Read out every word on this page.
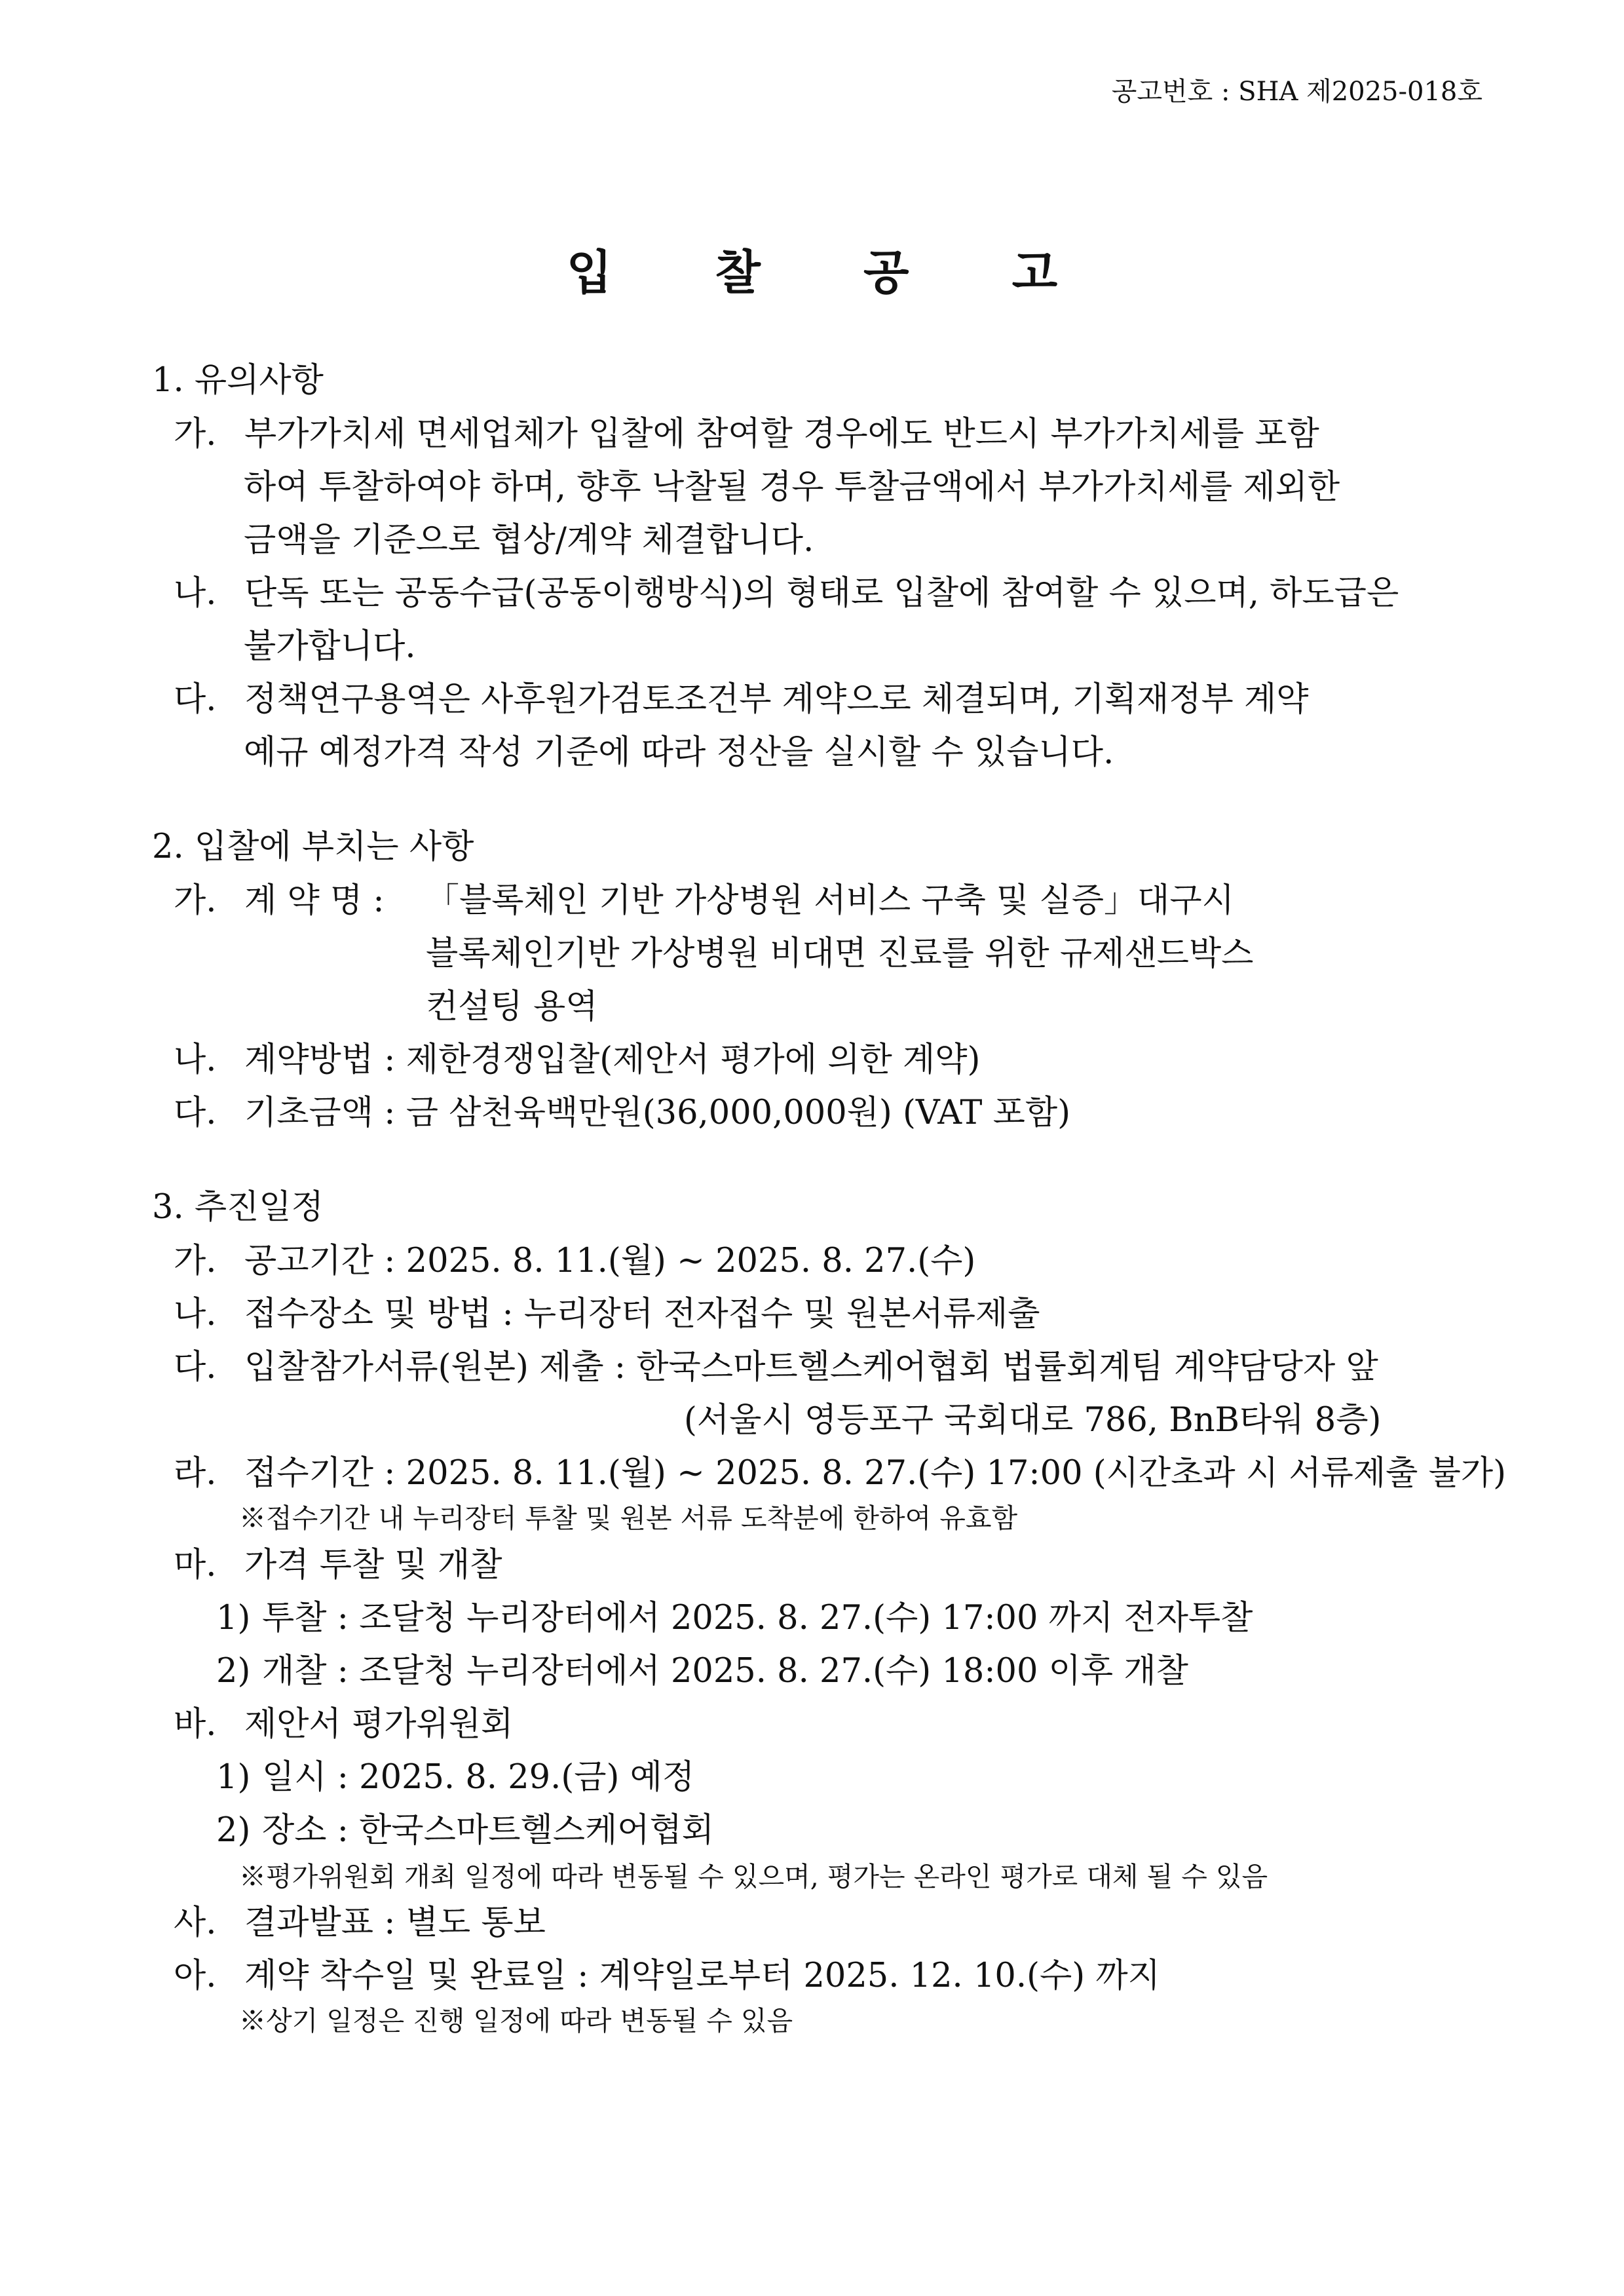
공고번호 : SHA 제2025-018호
입 찰 공 고
1. 유의사항
가. 부가가치세 면세업체가 입찰에 참여할 경우에도 반드시 부가가치세를 포함
하여 투찰하여야 하며, 향후 낙찰될 경우 투찰금액에서 부가가치세를 제외한
금액을 기준으로 협상/계약 체결합니다.
나. 단독 또는 공동수급(공동이행방식)의 형태로 입찰에 참여할 수 있으며, 하도급은
불가합니다.
다. 정책연구용역은 사후원가검토조건부 계약으로 체결되며, 기획재정부 계약
예규 예정가격 작성 기준에 따라 정산을 실시할 수 있습니다.
2. 입찰에 부치는 사항
가. 계 약 명 : 「블록체인 기반 가상병원 서비스 구축 및 실증」대구시
블록체인기반 가상병원 비대면 진료를 위한 규제샌드박스
컨설팅 용역
나. 계약방법 : 제한경쟁입찰(제안서 평가에 의한 계약)
다. 기초금액 : 금 삼천육백만원(36,000,000원) (VAT 포함)
3. 추진일정
가. 공고기간 : 2025. 8. 11.(월) ~ 2025. 8. 27.(수)
나. 접수장소 및 방법 : 누리장터 전자접수 및 원본서류제출
다. 입찰참가서류(원본) 제출 : 한국스마트헬스케어협회 법률회계팀 계약담당자 앞
(서울시 영등포구 국회대로 786, BnB타워 8층)
라. 접수기간 : 2025. 8. 11.(월) ~ 2025. 8. 27.(수) 17:00 (시간초과 시 서류제출 불가)
※접수기간 내 누리장터 투찰 및 원본 서류 도착분에 한하여 유효함
마. 가격 투찰 및 개찰
1) 투찰 : 조달청 누리장터에서 2025. 8. 27.(수) 17:00 까지 전자투찰
2) 개찰 : 조달청 누리장터에서 2025. 8. 27.(수) 18:00 이후 개찰
바. 제안서 평가위원회
1) 일시 : 2025. 8. 29.(금) 예정
2) 장소 : 한국스마트헬스케어협회
※평가위원회 개최 일정에 따라 변동될 수 있으며, 평가는 온라인 평가로 대체 될 수 있음
사. 결과발표 : 별도 통보
아. 계약 착수일 및 완료일 : 계약일로부터 2025. 12. 10.(수) 까지
※상기 일정은 진행 일정에 따라 변동될 수 있음
